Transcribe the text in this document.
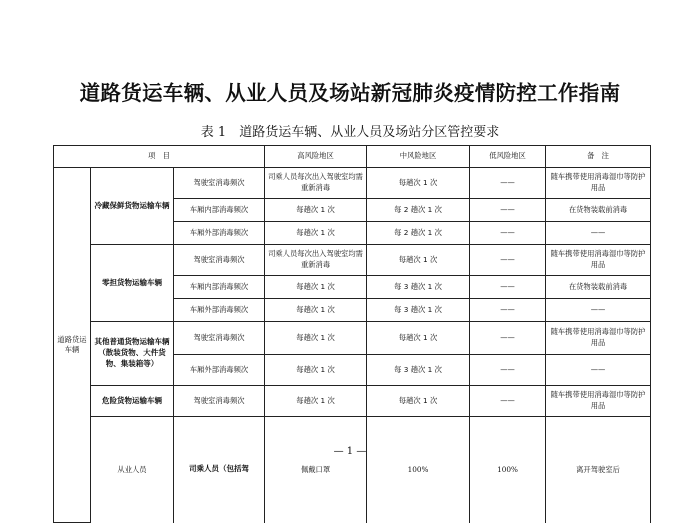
道路货运车辆、从业人员及场站新冠肺炎疫情防控工作指南
表 1　道路货运车辆、从业人员及场站分区管控要求
项　目			高风险地区	中风险地区	低风险地区	备　注	
道路货运车辆	冷藏保鲜货物运输车辆	驾驶室消毒频次	司乘人员每次出入驾驶室均需重新消毒	每趟次 1 次	——	随车携带使用消毒湿巾等防护用品	
		车厢内部消毒频次	每趟次 1 次	每 2 趟次 1 次	——	在货物装载前消毒	
		车厢外部消毒频次	每趟次 1 次	每 2 趟次 1 次	——	——	
	零担货物运输车辆	驾驶室消毒频次	司乘人员每次出入驾驶室均需重新消毒	每趟次 1 次	——	随车携带使用消毒湿巾等防护用品	
		车厢内部消毒频次	每趟次 1 次	每 3 趟次 1 次	——	在货物装载前消毒	
		车厢外部消毒频次	每趟次 1 次	每 3 趟次 1 次	——	——	
	其他普通货物运输车辆（散装货物、大件货物、集装箱等）	驾驶室消毒频次	每趟次 1 次	每趟次 1 次	——	随车携带使用消毒湿巾等防护用品	
		车厢外部消毒频次	每趟次 1 次	每 3 趟次 1 次	——	——	
	危险货物运输车辆	驾驶室消毒频次	每趟次 1 次	每趟次 1 次	——	随车携带使用消毒湿巾等防护用品	
	从业人员	司乘人员（包括驾	佩戴口罩	100%	100%	离开驾驶室后	
— 1 —
